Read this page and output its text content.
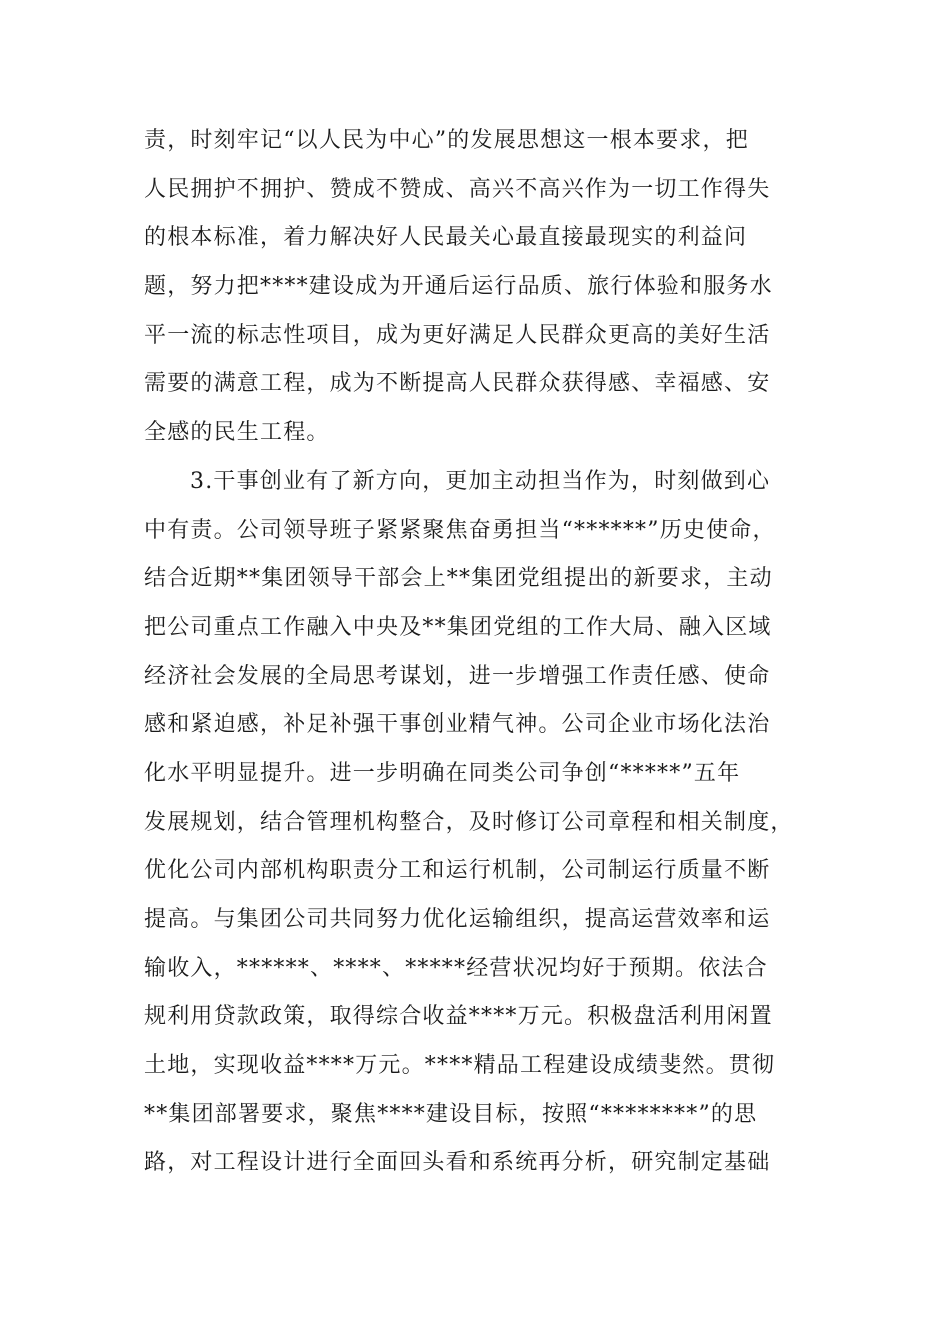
责，时刻牢记“以人民为中心”的发展思想这一根本要求，把
人民拥护不拥护、赞成不赞成、高兴不高兴作为一切工作得失
的根本标准，着力解决好人民最关心最直接最现实的利益问
题，努力把****建设成为开通后运行品质、旅行体验和服务水
平一流的标志性项目，成为更好满足人民群众更高的美好生活
需要的满意工程，成为不断提高人民群众获得感、幸福感、安
全感的民生工程。
3.干事创业有了新方向，更加主动担当作为，时刻做到心
中有责。公司领导班子紧紧聚焦奋勇担当“******”历史使命，
结合近期**集团领导干部会上**集团党组提出的新要求，主动
把公司重点工作融入中央及**集团党组的工作大局、融入区域
经济社会发展的全局思考谋划，进一步增强工作责任感、使命
感和紧迫感，补足补强干事创业精气神。公司企业市场化法治
化水平明显提升。进一步明确在同类公司争创“*****”五年
发展规划，结合管理机构整合，及时修订公司章程和相关制度，
优化公司内部机构职责分工和运行机制，公司制运行质量不断
提高。与集团公司共同努力优化运输组织，提高运营效率和运
输收入，******、****、*****经营状况均好于预期。依法合
规利用贷款政策，取得综合收益****万元。积极盘活利用闲置
土地，实现收益****万元。****精品工程建设成绩斐然。贯彻
**集团部署要求，聚焦****建设目标，按照“********”的思
路，对工程设计进行全面回头看和系统再分析，研究制定基础
